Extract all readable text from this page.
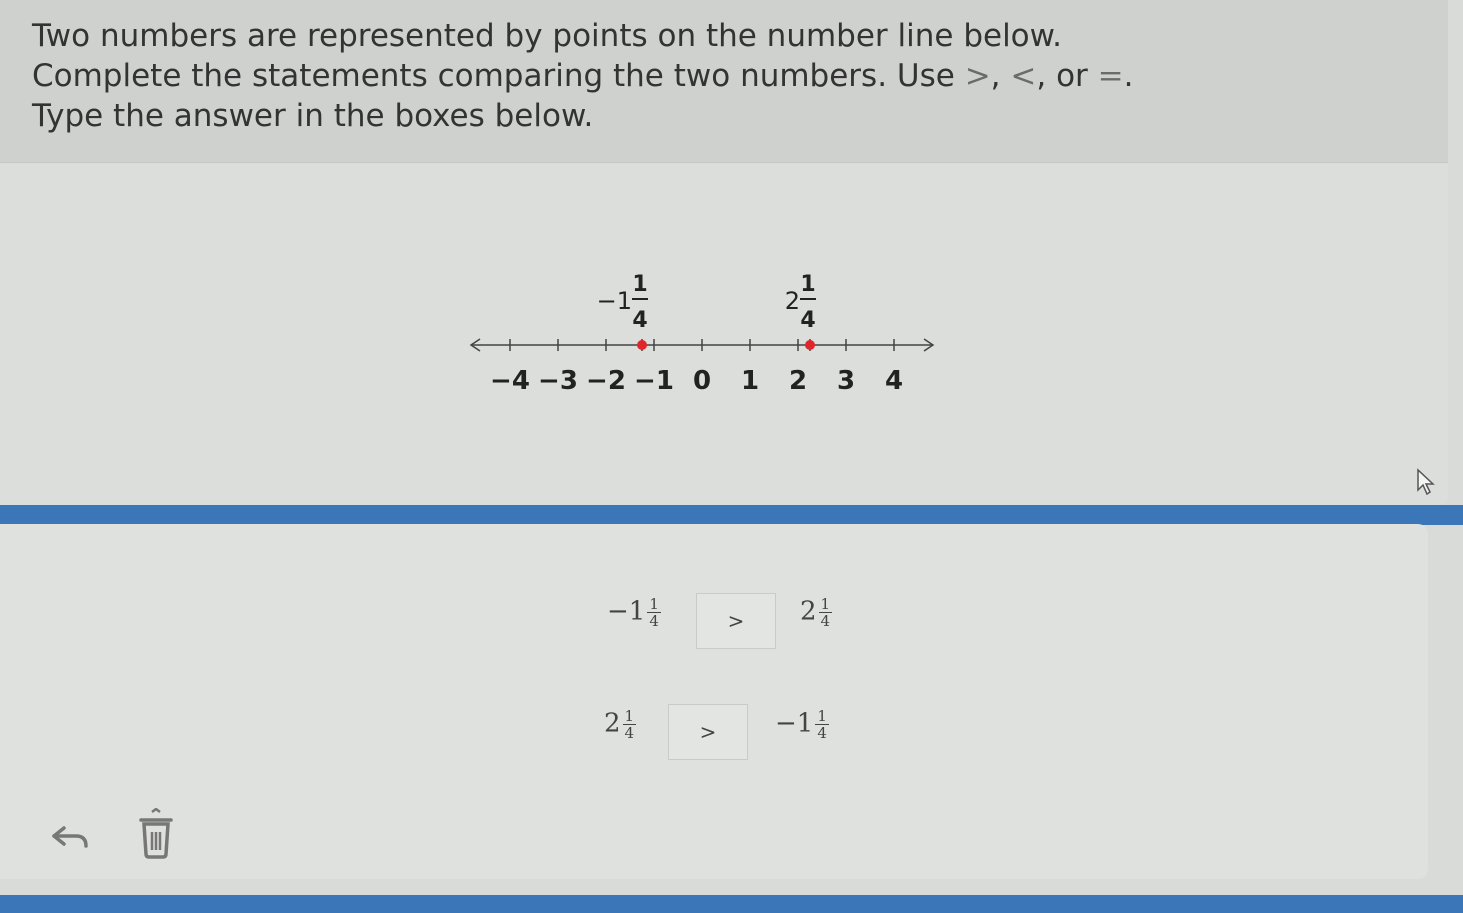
Two numbers are represented by points on the number line below.
Complete the statements comparing the two numbers. Use >, <, or =.
Type the answer in the boxes below.
−4 −3 −2 −1 0 1 2 3 4
−1
1
4
2
1
4
$-1 \frac{1}{4}$	>	$2 \frac{1}{4}$
$2 \frac{1}{4}$	>	$-1 \frac{1}{4}$
